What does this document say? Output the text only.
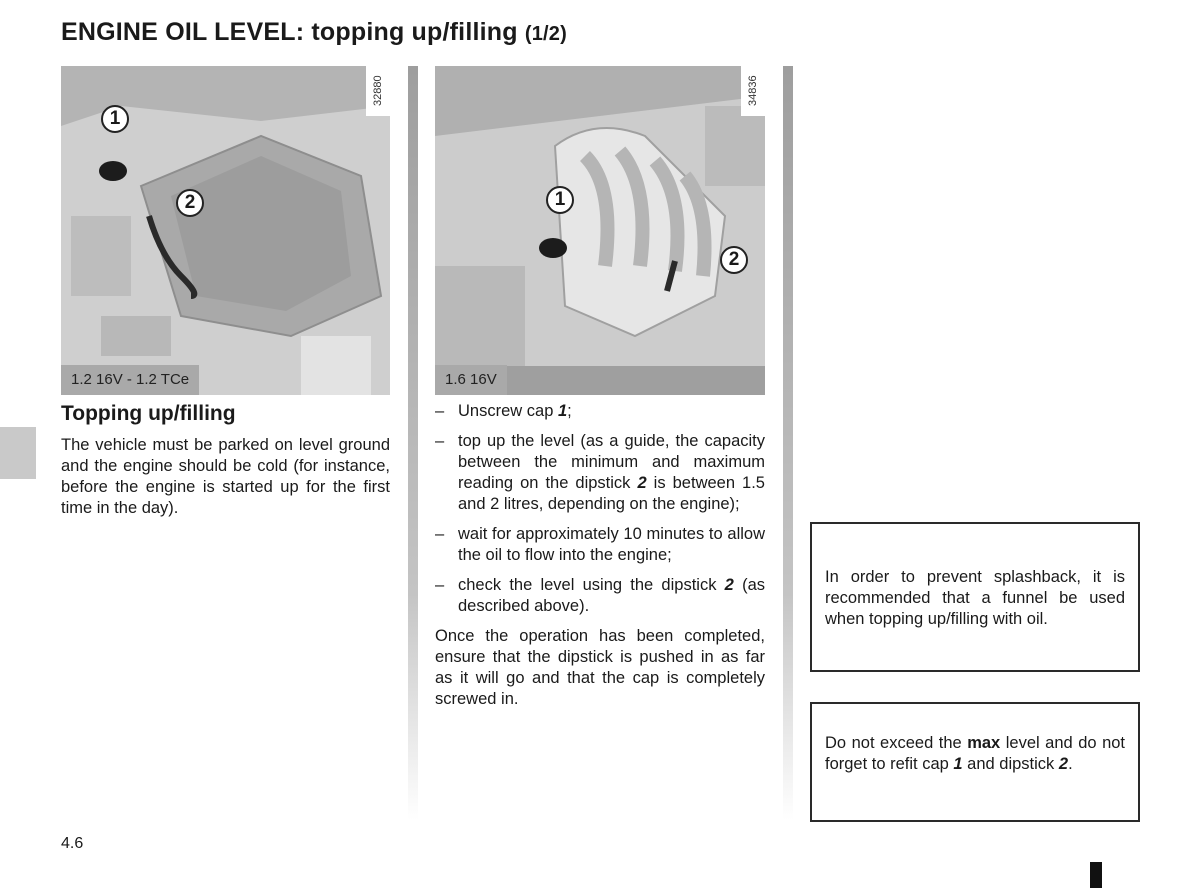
ENGINE OIL LEVEL: topping up/filling (1/2)
32880
1.2 16V - 1.2 TCe
1
2
34836
1.6 16V
1
2
Topping up/filling

The vehicle must be parked on level ground and the engine should be cold (for instance, before the engine is started up for the first time in the day).

– Unscrew cap 1;
– top up the level (as a guide, the capacity between the minimum and maximum reading on the dipstick 2 is between 1.5 and 2 litres, depending on the engine);
– wait for approximately 10 minutes to allow the oil to flow into the engine;
– check the level using the dipstick 2 (as described above).

Once the operation has been completed, ensure that the dipstick is pushed in as far as it will go and that the cap is completely screwed in.

In order to prevent splashback, it is recommended that a funnel be used when topping up/filling with oil.

Do not exceed the max level and do not forget to refit cap 1 and dipstick 2.

4.6
